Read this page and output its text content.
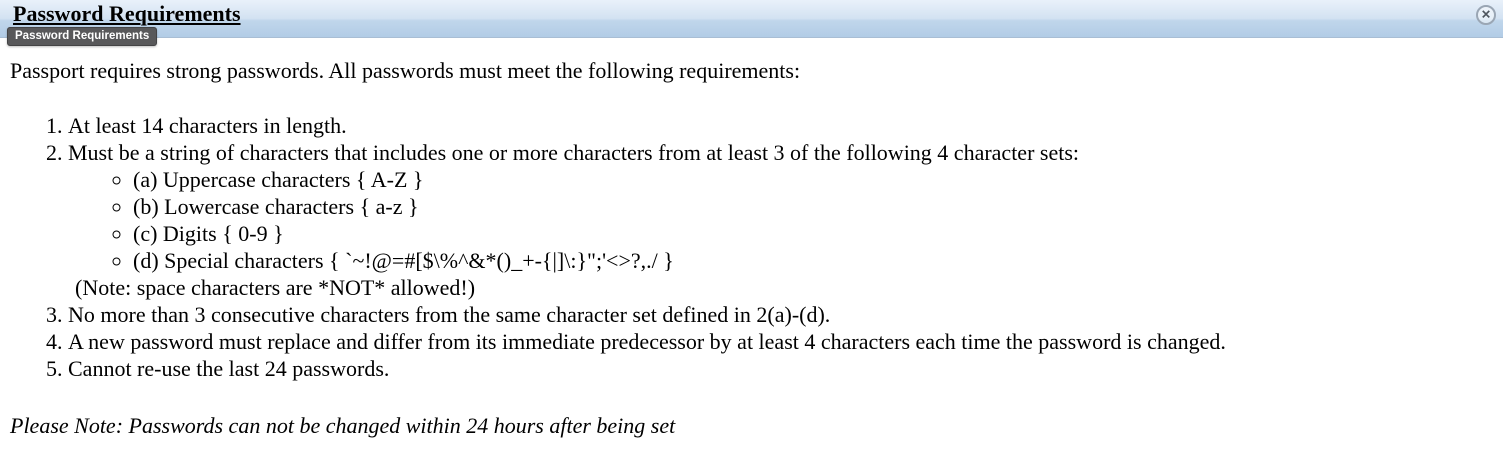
Password Requirements	✕
Password Requirements

Passport requires strong passwords. All passwords must meet the following requirements:

1. At least 14 characters in length.
2. Must be a string of characters that includes one or more characters from at least 3 of the following 4 character sets:
◦ (a) Uppercase characters { A-Z }
◦ (b) Lowercase characters { a-z }
◦ (c) Digits { 0-9 }
◦ (d) Special characters { `~!@=#[$\%^&*()_+-{|]\:}";'<>?,./ }
(Note: space characters are *NOT* allowed!)
3. No more than 3 consecutive characters from the same character set defined in 2(a)-(d).
4. A new password must replace and differ from its immediate predecessor by at least 4 characters each time the password is changed.
5. Cannot re-use the last 24 passwords.

Please Note: Passwords can not be changed within 24 hours after being set
